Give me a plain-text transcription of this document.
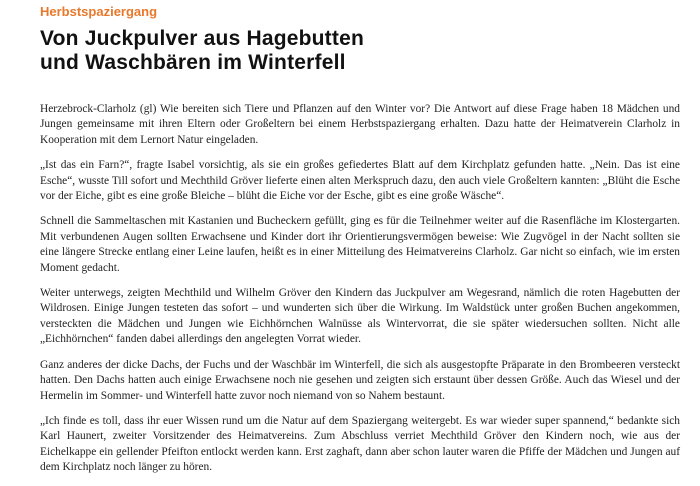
Herbstspaziergang

Von Juckpulver aus Hagebutten
und Waschbären im Winterfell

Herzebrock-Clarholz (gl) Wie bereiten sich Tiere und Pflanzen auf den Winter vor? Die Antwort auf diese Frage haben 18 Mädchen und Jungen gemeinsame mit ihren Eltern oder Großeltern bei einem Herbstspaziergang erhalten. Dazu hatte der Heimatverein Clarholz in Kooperation mit dem Lernort Natur eingeladen.

„Ist das ein Farn?“, fragte Isabel vorsichtig, als sie ein großes gefiedertes Blatt auf dem Kirchplatz gefunden hatte. „Nein. Das ist eine Esche“, wusste Till sofort und Mechthild Gröver lieferte einen alten Merkspruch dazu, den auch viele Großeltern kannten: „Blüht die Esche vor der Eiche, gibt es eine große Bleiche – blüht die Eiche vor der Esche, gibt es eine große Wäsche“.

Schnell die Sammeltaschen mit Kastanien und Bucheckern gefüllt, ging es für die Teilnehmer weiter auf die Rasenfläche im Klostergarten. Mit verbundenen Augen sollten Erwachsene und Kinder dort ihr Orientierungsvermögen beweise: Wie Zugvögel in der Nacht sollten sie eine längere Strecke entlang einer Leine laufen, heißt es in einer Mitteilung des Heimatvereins Clarholz. Gar nicht so einfach, wie im ersten Moment gedacht.

Weiter unterwegs, zeigten Mechthild und Wilhelm Gröver den Kindern das Juckpulver am Wegesrand, nämlich die roten Hagebutten der Wildrosen. Einige Jungen testeten das sofort – und wunderten sich über die Wirkung. Im Waldstück unter großen Buchen angekommen, versteckten die Mädchen und Jungen wie Eichhörnchen Walnüsse als Wintervorrat, die sie später wiedersuchen sollten. Nicht alle „Eichhörnchen“ fanden dabei allerdings den angelegten Vorrat wieder.

Ganz anderes der dicke Dachs, der Fuchs und der Waschbär im Winterfell, die sich als ausgestopfte Präparate in den Brombeeren versteckt hatten. Den Dachs hatten auch einige Erwachsene noch nie gesehen und zeigten sich erstaunt über dessen Größe. Auch das Wiesel und der Hermelin im Sommer- und Winterfell hatte zuvor noch niemand von so Nahem bestaunt.

„Ich finde es toll, dass ihr euer Wissen rund um die Natur auf dem Spaziergang weitergebt. Es war wieder super spannend,“ bedankte sich Karl Haunert, zweiter Vorsitzender des Heimatvereins. Zum Abschluss verriet Mechthild Gröver den Kindern noch, wie aus der Eichelkappe ein gellender Pfeifton entlockt werden kann. Erst zaghaft, dann aber schon lauter waren die Pfiffe der Mädchen und Jungen auf dem Kirchplatz noch länger zu hören.
